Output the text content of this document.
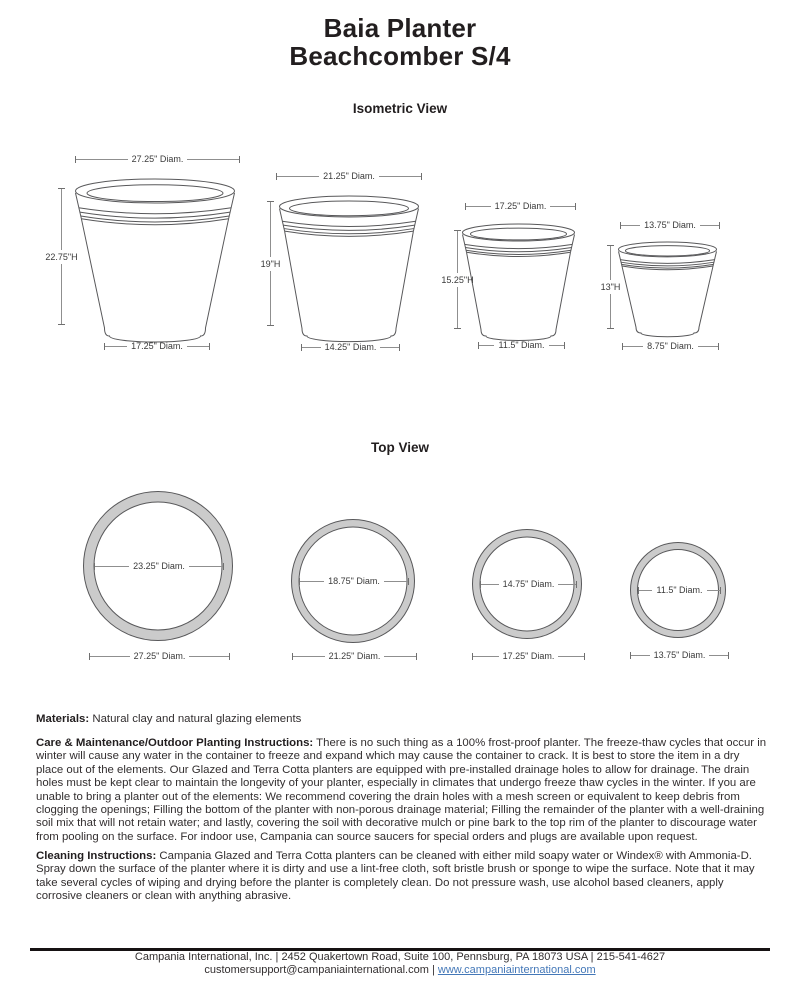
Baia Planter
Beachcomber S/4
Isometric View
Top View
27.25" Diam.
21.25" Diam.
17.25" Diam.
13.75" Diam.
22.75"H
19"H
15.25"H
13"H
17.25" Diam.	14.25" Diam.	11.5" Diam.	8.75" Diam.
23.25" Diam.
18.75" Diam.	14.75" Diam.
11.5" Diam.
27.25" Diam.	21.25" Diam.	17.25" Diam.	13.75" Diam.

Materials: Natural clay and natural glazing elements

Care & Maintenance/Outdoor Planting Instructions: There is no such thing as a 100% frost-proof planter. The freeze-thaw cycles that occur in winter will cause any water in the container to freeze and expand which may cause the container to crack. It is best to store the item in a dry place out of the elements. Our Glazed and Terra Cotta planters are equipped with pre-installed drainage holes to allow for drainage. The drain holes must be kept clear to maintain the longevity of your planter, especially in climates that undergo freeze thaw cycles in the winter. If you are unable to bring a planter out of the elements: We recommend covering the drain holes with a mesh screen or equivalent to keep debris from clogging the openings; Filling the bottom of the planter with non-porous drainage material; Filling the remainder of the planter with a well-draining soil mix that will not retain water; and lastly, covering the soil with decorative mulch or pine bark to the top rim of the planter to discourage water from pooling on the surface. For indoor use, Campania can source saucers for special orders and plugs are available upon request.

Cleaning Instructions: Campania Glazed and Terra Cotta planters can be cleaned with either mild soapy water or Windex® with Ammonia-D. Spray down the surface of the planter where it is dirty and use a lint-free cloth, soft bristle brush or sponge to wipe the surface. Note that it may take several cycles of wiping and drying before the planter is completely clean. Do not pressure wash, use alcohol based cleaners, apply corrosive cleaners or clean with anything abrasive.

Campania International, Inc. | 2452 Quakertown Road, Suite 100, Pennsburg, PA 18073 USA | 215-541-4627
customersupport@campaniainternational.com | www.campaniainternational.com
